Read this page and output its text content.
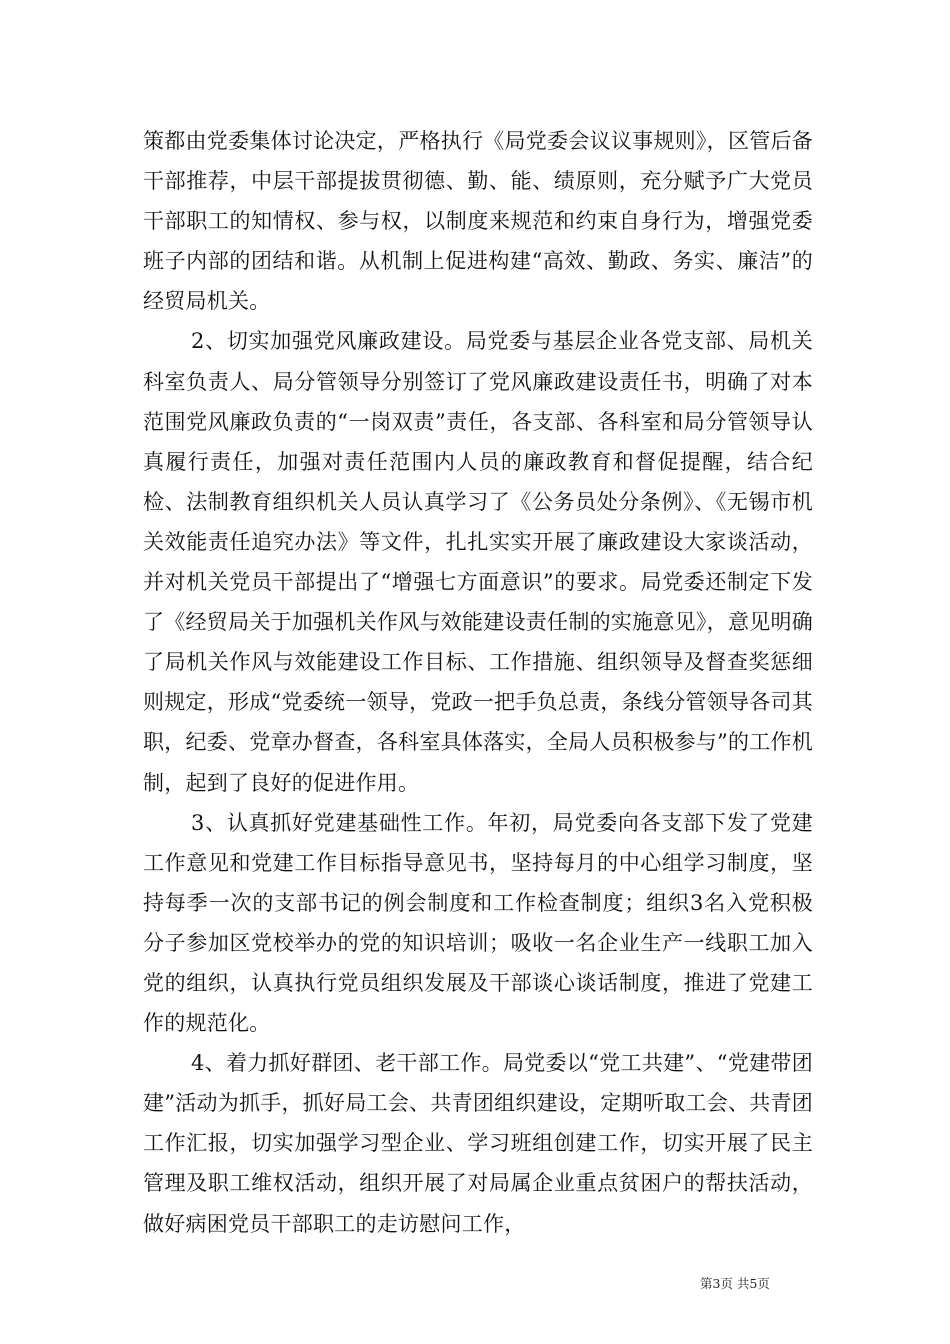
策都由党委集体讨论决定，严格执行《局党委会议议事规则》，区管后备干部推荐，中层干部提拔贯彻德、勤、能、绩原则，充分赋予广大党员干部职工的知情权、参与权，以制度来规范和约束自身行为，增强党委班子内部的团结和谐。从机制上促进构建“高效、勤政、务实、廉洁”的经贸局机关。

2、切实加强党风廉政建设。局党委与基层企业各党支部、局机关科室负责人、局分管领导分别签订了党风廉政建设责任书，明确了对本范围党风廉政负责的“一岗双责”责任，各支部、各科室和局分管领导认真履行责任，加强对责任范围内人员的廉政教育和督促提醒，结合纪检、法制教育组织机关人员认真学习了《公务员处分条例》、《无锡市机关效能责任追究办法》等文件，扎扎实实开展了廉政建设大家谈活动，并对机关党员干部提出了“增强七方面意识”的要求。局党委还制定下发了《经贸局关于加强机关作风与效能建设责任制的实施意见》，意见明确了局机关作风与效能建设工作目标、工作措施、组织领导及督查奖惩细则规定，形成“党委统一领导，党政一把手负总责，条线分管领导各司其职，纪委、党章办督查，各科室具体落实，全局人员积极参与”的工作机制，起到了良好的促进作用。

3、认真抓好党建基础性工作。年初，局党委向各支部下发了党建工作意见和党建工作目标指导意见书，坚持每月的中心组学习制度，坚持每季一次的支部书记的例会制度和工作检查制度；组织3名入党积极分子参加区党校举办的党的知识培训；吸收一名企业生产一线职工加入党的组织，认真执行党员组织发展及干部谈心谈话制度，推进了党建工作的规范化。

4、着力抓好群团、老干部工作。局党委以“党工共建”、“党建带团建”活动为抓手，抓好局工会、共青团组织建设，定期听取工会、共青团工作汇报，切实加强学习型企业、学习班组创建工作，切实开展了民主管理及职工维权活动，组织开展了对局属企业重点贫困户的帮扶活动，做好病困党员干部职工的走访慰问工作，

第3页 共5页
